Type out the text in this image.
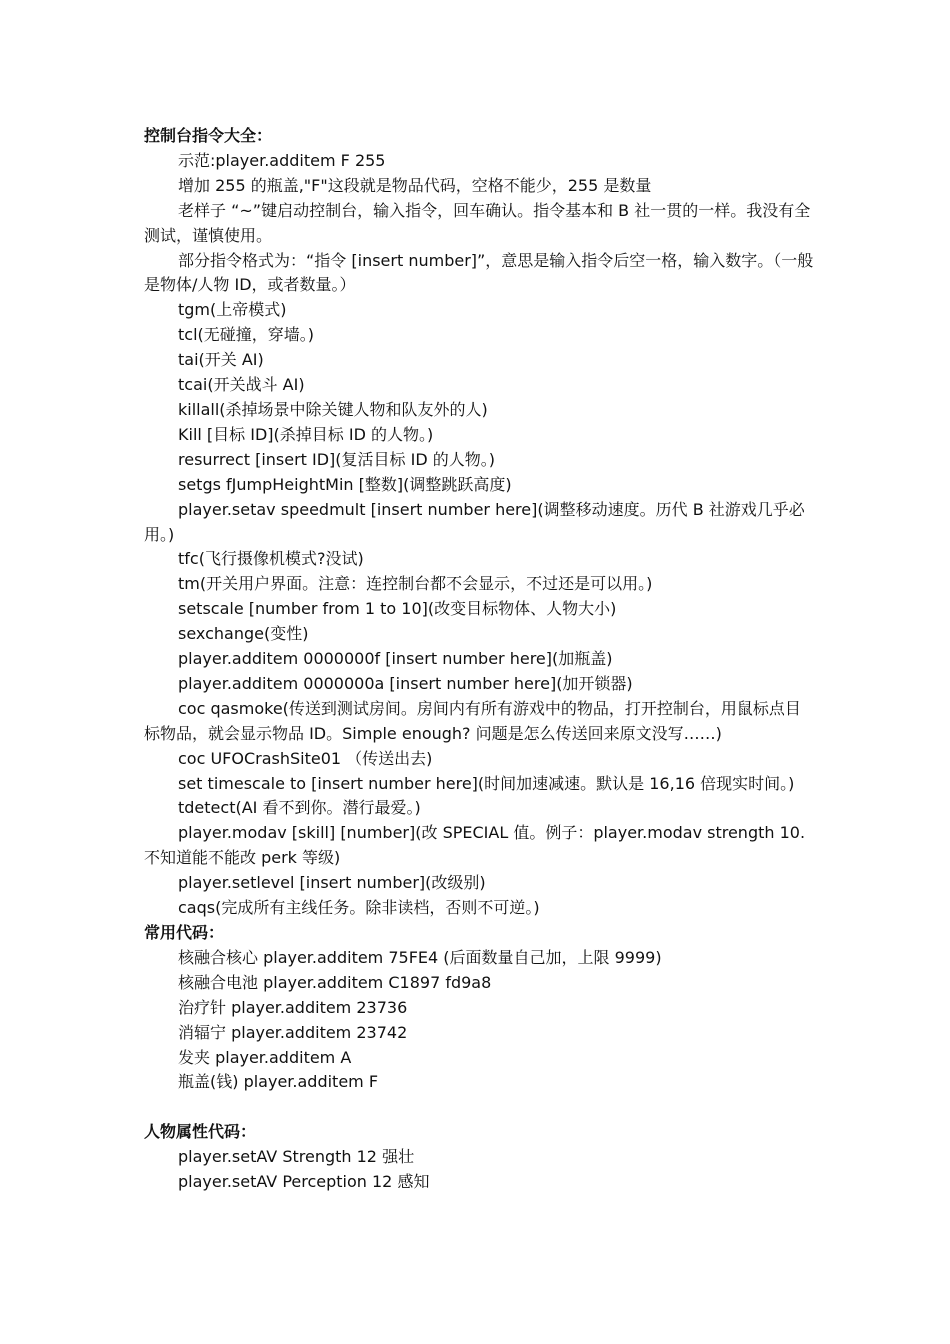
控制台指令大全：

示范:player.additem F 255

增加 255 的瓶盖,"F"这段就是物品代码，空格不能少，255 是数量

老样子 “~”键启动控制台，输入指令，回车确认。指令基本和 B 社一贯的一样。我没有全测试，谨慎使用。

部分指令格式为：“指令 [insert number]”，意思是输入指令后空一格，输入数字。（一般是物体/人物 ID，或者数量。）

tgm(上帝模式)

tcl(无碰撞，穿墙。)

tai(开关 AI)

tcai(开关战斗 AI)

killall(杀掉场景中除关键人物和队友外的人)

Kill [目标 ID](杀掉目标 ID 的人物。)

resurrect [insert ID](复活目标 ID 的人物。)

setgs fJumpHeightMin [整数](调整跳跃高度)

player.setav speedmult [insert number here](调整移动速度。历代 B 社游戏几乎必用。)

tfc(飞行摄像机模式?没试)

tm(开关用户界面。注意：连控制台都不会显示，不过还是可以用。)

setscale [number from 1 to 10](改变目标物体、人物大小)

sexchange(变性)

player.additem 0000000f [insert number here](加瓶盖)

player.additem 0000000a [insert number here](加开锁器)

coc qasmoke(传送到测试房间。房间内有所有游戏中的物品，打开控制台，用鼠标点目标物品，就会显示物品 ID。Simple enough? 问题是怎么传送回来原文没写……)

coc UFOCrashSite01 （传送出去)

set timescale to [insert number here](时间加速减速。默认是 16,16 倍现实时间。)

tdetect(AI 看不到你。潜行最爱。)

player.modav [skill] [number](改 SPECIAL 值。例子：player.modav strength 10. 不知道能不能改 perk 等级)

player.setlevel [insert number](改级别)

caqs(完成所有主线任务。除非读档，否则不可逆。)

常用代码：

核融合核心 player.additem 75FE4 (后面数量自己加，上限 9999)

核融合电池 player.additem C1897 fd9a8

治疗针 player.additem 23736

消辐宁 player.additem 23742

发夹 player.additem A

瓶盖(钱) player.additem F

人物属性代码：

player.setAV Strength 12 强壮

player.setAV Perception 12 感知
